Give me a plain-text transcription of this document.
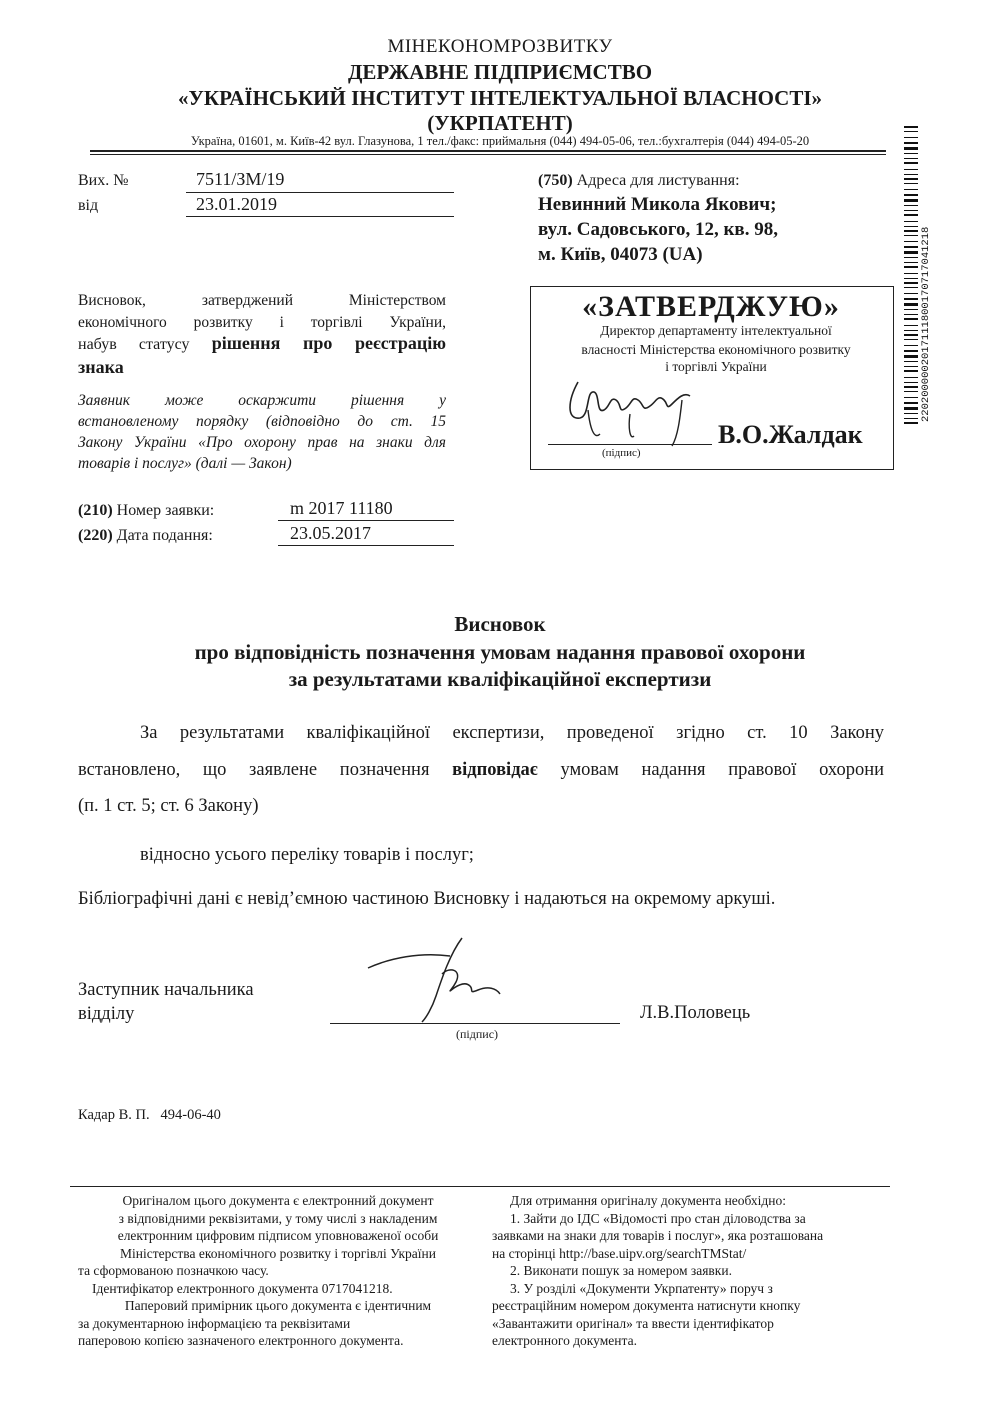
МІНЕКОНОМРОЗВИТКУ
ДЕРЖАВНЕ ПІДПРИЄМСТВО
«УКРАЇНСЬКИЙ ІНСТИТУТ ІНТЕЛЕКТУАЛЬНОЇ ВЛАСНОСТІ»
(УКРПАТЕНТ)
Україна, 01601, м. Київ-42 вул. Глазунова, 1 тел./факс: приймальня (044) 494-05-06, тел.:бухгалтерія (044) 494-05-20
2202000002017111800170717041218
Вих. №	7511/ЗМ/19
від	23.01.2019
(750) Адреса для листування:
Невинний Микола Якович;
вул. Садовського, 12, кв. 98,
м. Київ, 04073 (UA)
Висновок, затверджений Міністерством
економічного розвитку і торгівлі України,
набув статусу рішення про реєстрацію
знака
Заявник може оскаржити рішення у
встановленому порядку (відповідно до ст. 15
Закону України «Про охорону прав на знаки для
товарів і послуг» (далі — Закон)
«ЗАТВЕРДЖУЮ»
Директор департаменту інтелектуальної
власності Міністерства економічного розвитку
і торгівлі України
(підпис)
В.О.Жалдак
(210) Номер заявки:	m 2017 11180
(220) Дата подання:	23.05.2017
Висновок
про відповідність позначення умовам надання правової охорони
за результатами кваліфікаційної експертизи
За результатами кваліфікаційної експертизи, проведеної згідно ст. 10 Закону
встановлено, що заявлене позначення відповідає умовам надання правової охорони
(п. 1 ст. 5; ст. 6 Закону)
відносно усього переліку товарів і послуг;
Бібліографічні дані є невід’ємною частиною Висновку і надаються на окремому аркуші.
Заступник начальника
відділу
(підпис)
Л.В.Половець
Кадар В. П.   494-06-40
Оригіналом цього документа є електронний документ
з відповідними реквізитами, у тому числі з накладеним
електронним цифровим підписом уповноваженої особи
Міністерства економічного розвитку і торгівлі України
та сформованою позначкою часу.
Ідентифікатор електронного документа 0717041218.
Паперовий примірник цього документа є ідентичним
за документарною інформацією та реквізитами
паперовою копією зазначеного електронного документа.
Для отримання оригіналу документа необхідно:
1. Зайти до ІДС «Відомості про стан діловодства за
заявками на знаки для товарів і послуг», яка розташована
на сторінці http://base.uipv.org/searchTMStat/
2. Виконати пошук за номером заявки.
3. У розділі «Документи Укрпатенту» поруч з
реєстраційним номером документа натиснути кнопку
«Завантажити оригінал» та ввести ідентифікатор
електронного документа.
